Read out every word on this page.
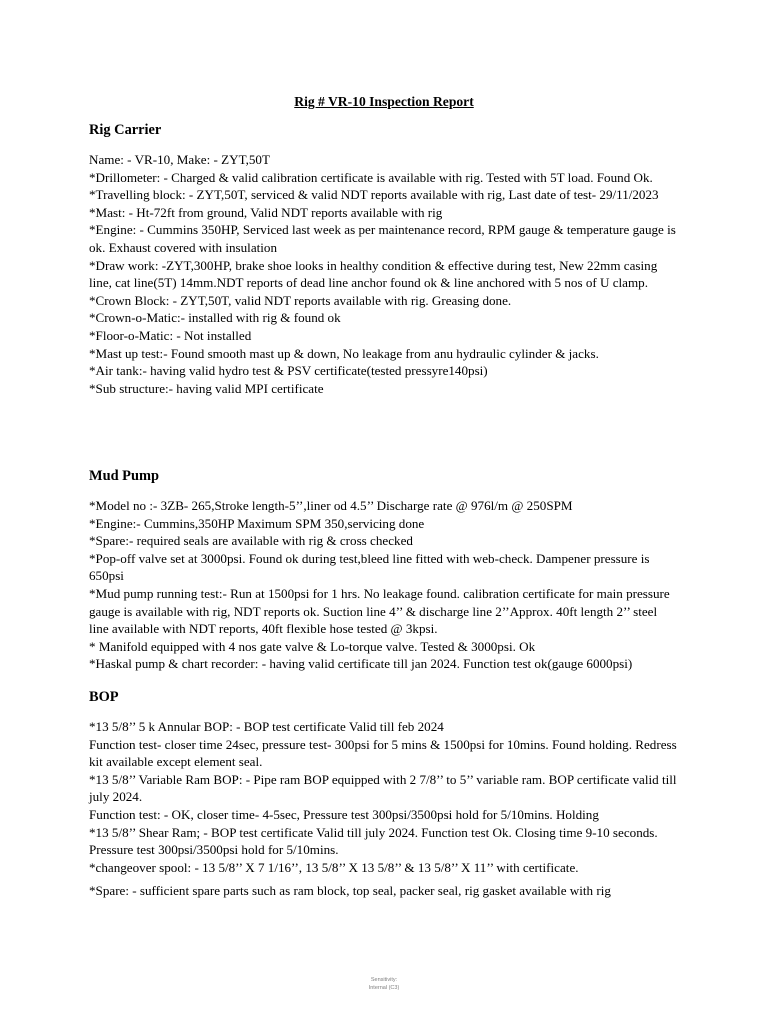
Rig # VR-10 Inspection Report
Rig Carrier

Name: - VR-10, Make: - ZYT,50T

*Drillometer: - Charged & valid calibration certificate is available with rig. Tested with 5T load. Found Ok.

*Travelling block: - ZYT,50T, serviced & valid NDT reports available with rig, Last date of test- 29/11/2023

*Mast: - Ht-72ft from ground, Valid NDT reports available with rig

*Engine: - Cummins 350HP, Serviced last week as per maintenance record, RPM gauge & temperature gauge is ok. Exhaust covered with insulation

*Draw work: -ZYT,300HP, brake shoe looks in healthy condition & effective during test, New 22mm casing line, cat line(5T) 14mm.NDT reports of dead line anchor found ok & line anchored with 5 nos of U clamp.

*Crown Block: - ZYT,50T, valid NDT reports available with rig. Greasing done.

*Crown-o-Matic:- installed with rig & found ok

*Floor-o-Matic: - Not installed

*Mast up test:- Found smooth mast up & down, No leakage from anu hydraulic cylinder & jacks.

*Air tank:- having valid hydro test & PSV certificate(tested pressyre140psi)

*Sub structure:- having valid MPI certificate

Mud Pump

*Model no :- 3ZB- 265,Stroke length-5’’,liner od 4.5’’ Discharge rate @ 976l/m @ 250SPM

*Engine:- Cummins,350HP Maximum SPM 350,servicing done

*Spare:- required seals are available with rig & cross checked

*Pop-off valve set at 3000psi. Found ok during test,bleed line fitted with web-check. Dampener pressure is 650psi

*Mud pump running test:- Run at 1500psi for 1 hrs. No leakage found. calibration certificate for main pressure gauge is available with rig, NDT reports ok. Suction line 4’’ & discharge line 2’’Approx. 40ft length 2’’ steel line available with NDT reports, 40ft flexible hose tested @ 3kpsi.

* Manifold equipped with 4 nos gate valve & Lo-torque valve. Tested & 3000psi. Ok

*Haskal pump & chart recorder: - having valid certificate till jan 2024. Function test ok(gauge 6000psi)

BOP

*13 5/8’’ 5 k Annular BOP: - BOP test certificate Valid till feb 2024

Function test- closer time 24sec, pressure test- 300psi for 5 mins & 1500psi for 10mins. Found holding. Redress kit available except element seal.

*13 5/8’’ Variable Ram BOP: - Pipe ram BOP equipped with 2 7/8’’ to 5’’ variable ram. BOP certificate valid till july 2024.

Function test: - OK, closer time- 4-5sec, Pressure test 300psi/3500psi hold for 5/10mins. Holding

*13 5/8’’ Shear Ram; - BOP test certificate Valid till july 2024. Function test Ok. Closing time 9-10 seconds. Pressure test 300psi/3500psi hold for 5/10mins.

*changeover spool: - 13 5/8’’ X 7 1/16’’, 13 5/8’’ X 13 5/8’’ & 13 5/8’’ X 11’’ with certificate.

*Spare: - sufficient spare parts such as ram block, top seal, packer seal, rig gasket available with rig

Sensitivity:
Internal (C3)
